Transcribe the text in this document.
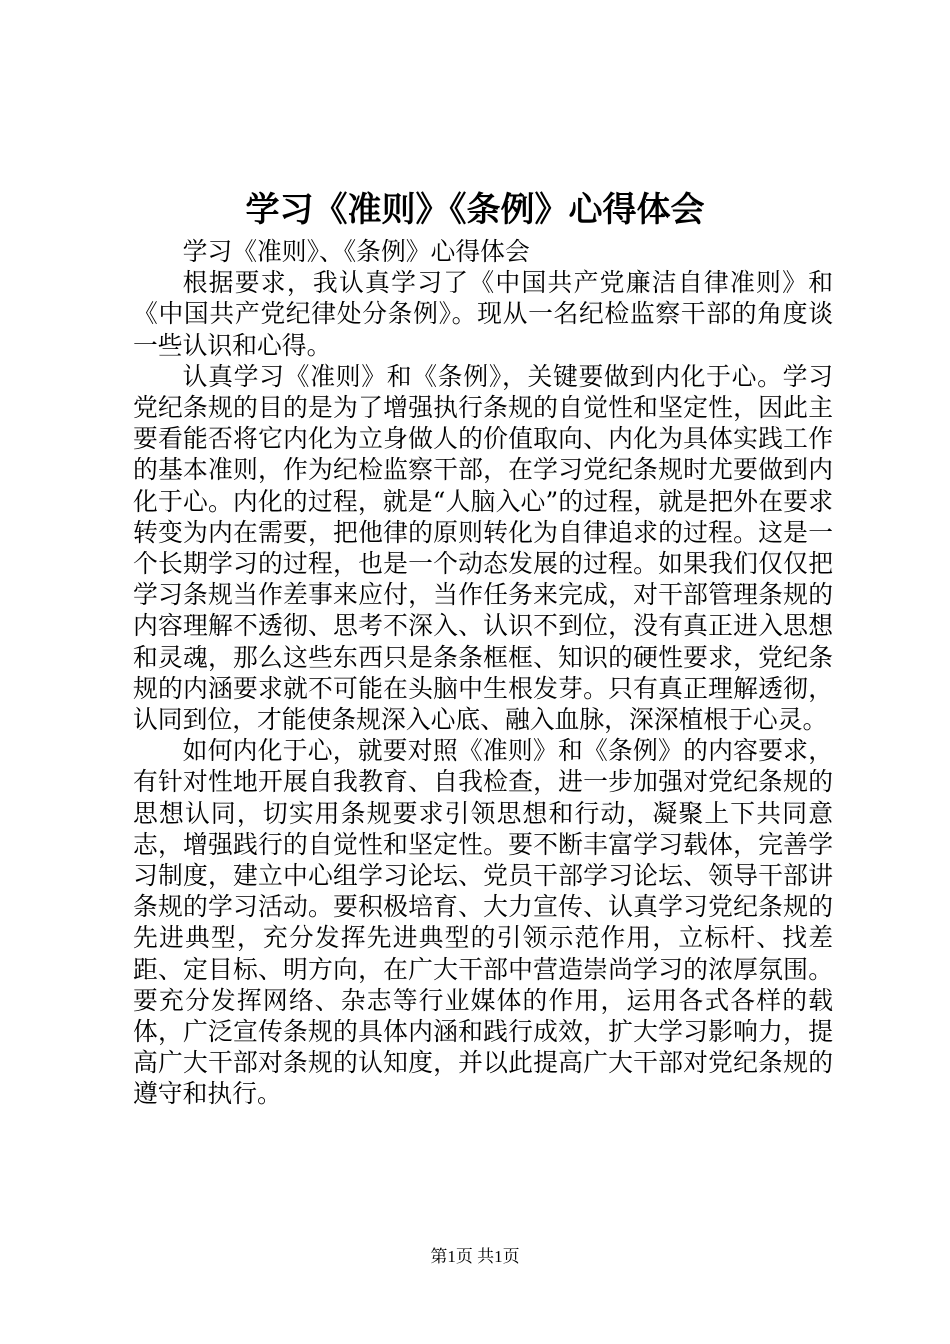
学习《准则》《条例》心得体会

学习《准则》、《条例》心得体会

根据要求，我认真学习了《中国共产党廉洁自律准则》和《中国共产党纪律处分条例》。现从一名纪检监察干部的角度谈一些认识和心得。

认真学习《准则》和《条例》，关键要做到内化于心。学习党纪条规的目的是为了增强执行条规的自觉性和坚定性，因此主要看能否将它内化为立身做人的价值取向、内化为具体实践工作的基本准则，作为纪检监察干部，在学习党纪条规时尤要做到内化于心。内化的过程，就是“人脑入心”的过程，就是把外在要求转变为内在需要，把他律的原则转化为自律追求的过程。这是一个长期学习的过程，也是一个动态发展的过程。如果我们仅仅把学习条规当作差事来应付，当作任务来完成，对干部管理条规的内容理解不透彻、思考不深入、认识不到位，没有真正进入思想和灵魂，那么这些东西只是条条框框、知识的硬性要求，党纪条规的内涵要求就不可能在头脑中生根发芽。只有真正理解透彻，认同到位，才能使条规深入心底、融入血脉，深深植根于心灵。

如何内化于心，就要对照《准则》和《条例》的内容要求，有针对性地开展自我教育、自我检查，进一步加强对党纪条规的思想认同，切实用条规要求引领思想和行动，凝聚上下共同意志，增强践行的自觉性和坚定性。要不断丰富学习载体，完善学习制度，建立中心组学习论坛、党员干部学习论坛、领导干部讲条规的学习活动。要积极培育、大力宣传、认真学习党纪条规的先进典型，充分发挥先进典型的引领示范作用，立标杆、找差距、定目标、明方向，在广大干部中营造崇尚学习的浓厚氛围。要充分发挥网络、杂志等行业媒体的作用，运用各式各样的载体，广泛宣传条规的具体内涵和践行成效，扩大学习影响力，提高广大干部对条规的认知度，并以此提高广大干部对党纪条规的遵守和执行。

第1页 共1页
